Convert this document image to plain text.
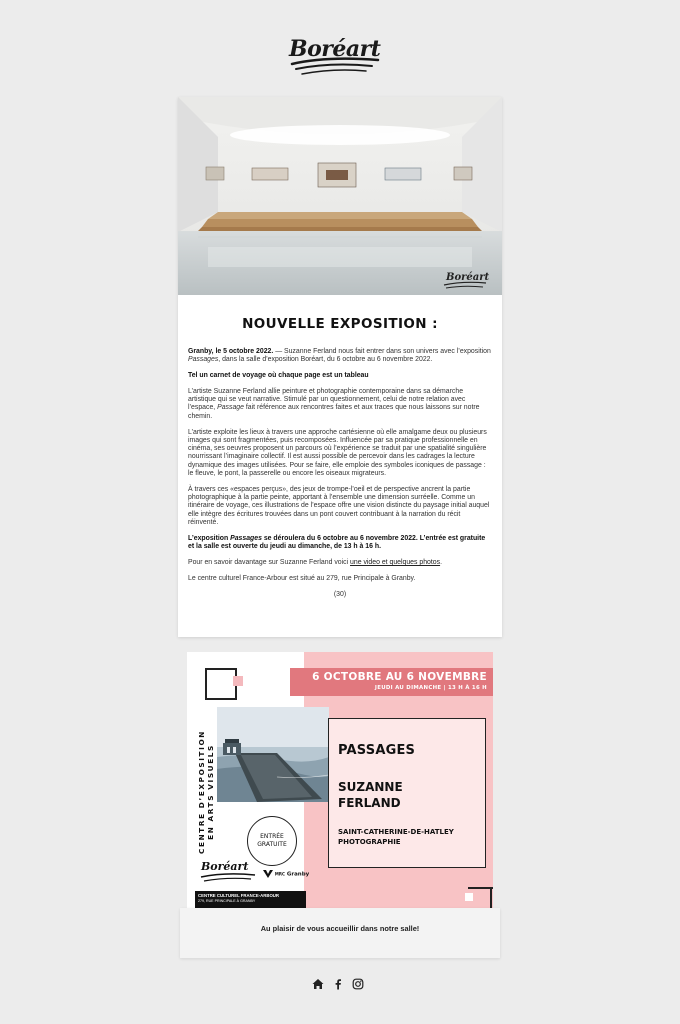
Boréart
Boréart
NOUVELLE EXPOSITION :

Granby, le 5 octobre 2022. — Suzanne Ferland nous fait entrer dans son univers avec l’exposition Passages, dans la salle d’exposition Boréart, du 6 octobre au 6 novembre 2022.

Tel un carnet de voyage où chaque page est un tableau

L’artiste Suzanne Ferland allie peinture et photographie contemporaine dans sa démarche artistique qui se veut narrative. Stimulé par un questionnement, celui de notre relation avec l’espace, Passage fait référence aux rencontres faites et aux traces que nous laissons sur notre chemin.

L’artiste exploite les lieux à travers une approche cartésienne où elle amalgame deux ou plusieurs images qui sont fragmentées, puis recomposées. Influencée par sa pratique professionnelle en cinéma, ses oeuvres proposent un parcours où l’expérience se traduit par une spatialité singulière nourrissant l’imaginaire collectif. Il est aussi possible de percevoir dans les cadrages la lecture dynamique des images utilisées. Pour se faire, elle emploie des symboles iconiques de passage : le fleuve, le pont, la passerelle ou encore les oiseaux migrateurs.

À travers ces «espaces perçus», des jeux de trompe-l’oeil et de perspective ancrent la partie photographique à la partie peinte, apportant à l’ensemble une dimension surréelle. Comme un itinéraire de voyage, ces illustrations de l’espace offre une vision distincte du paysage initial auquel elle intègre des écritures trouvées dans un pont couvert contribuant à la narration du récit réinventé.

L’exposition Passages se déroulera du 6 octobre au 6 novembre 2022. L’entrée est gratuite et la salle est ouverte du jeudi au dimanche, de 13 h à 16 h.

Pour en savoir davantage sur Suzanne Ferland voici une video et quelques photos.

Le centre culturel France-Arbour est situé au 279, rue Principale à Granby.

(30)

6 OCTOBRE AU 6 NOVEMBRE
JEUDI AU DIMANCHE | 13 H À 16 H
CENTRE D’EXPOSITION EN ARTS VISUELS	PASSAGES
SUZANNE
FERLAND
SAINT-CATHERINE-DE-HATLEY
PHOTOGRAPHIE
ENTRÉE
GRATUITE
Boréart
MRC Granby
CENTRE CULTUREL FRANCE-ARBOUR
279, RUE PRINCIPALE À GRANBY
Au plaisir de vous accueillir dans notre salle!
